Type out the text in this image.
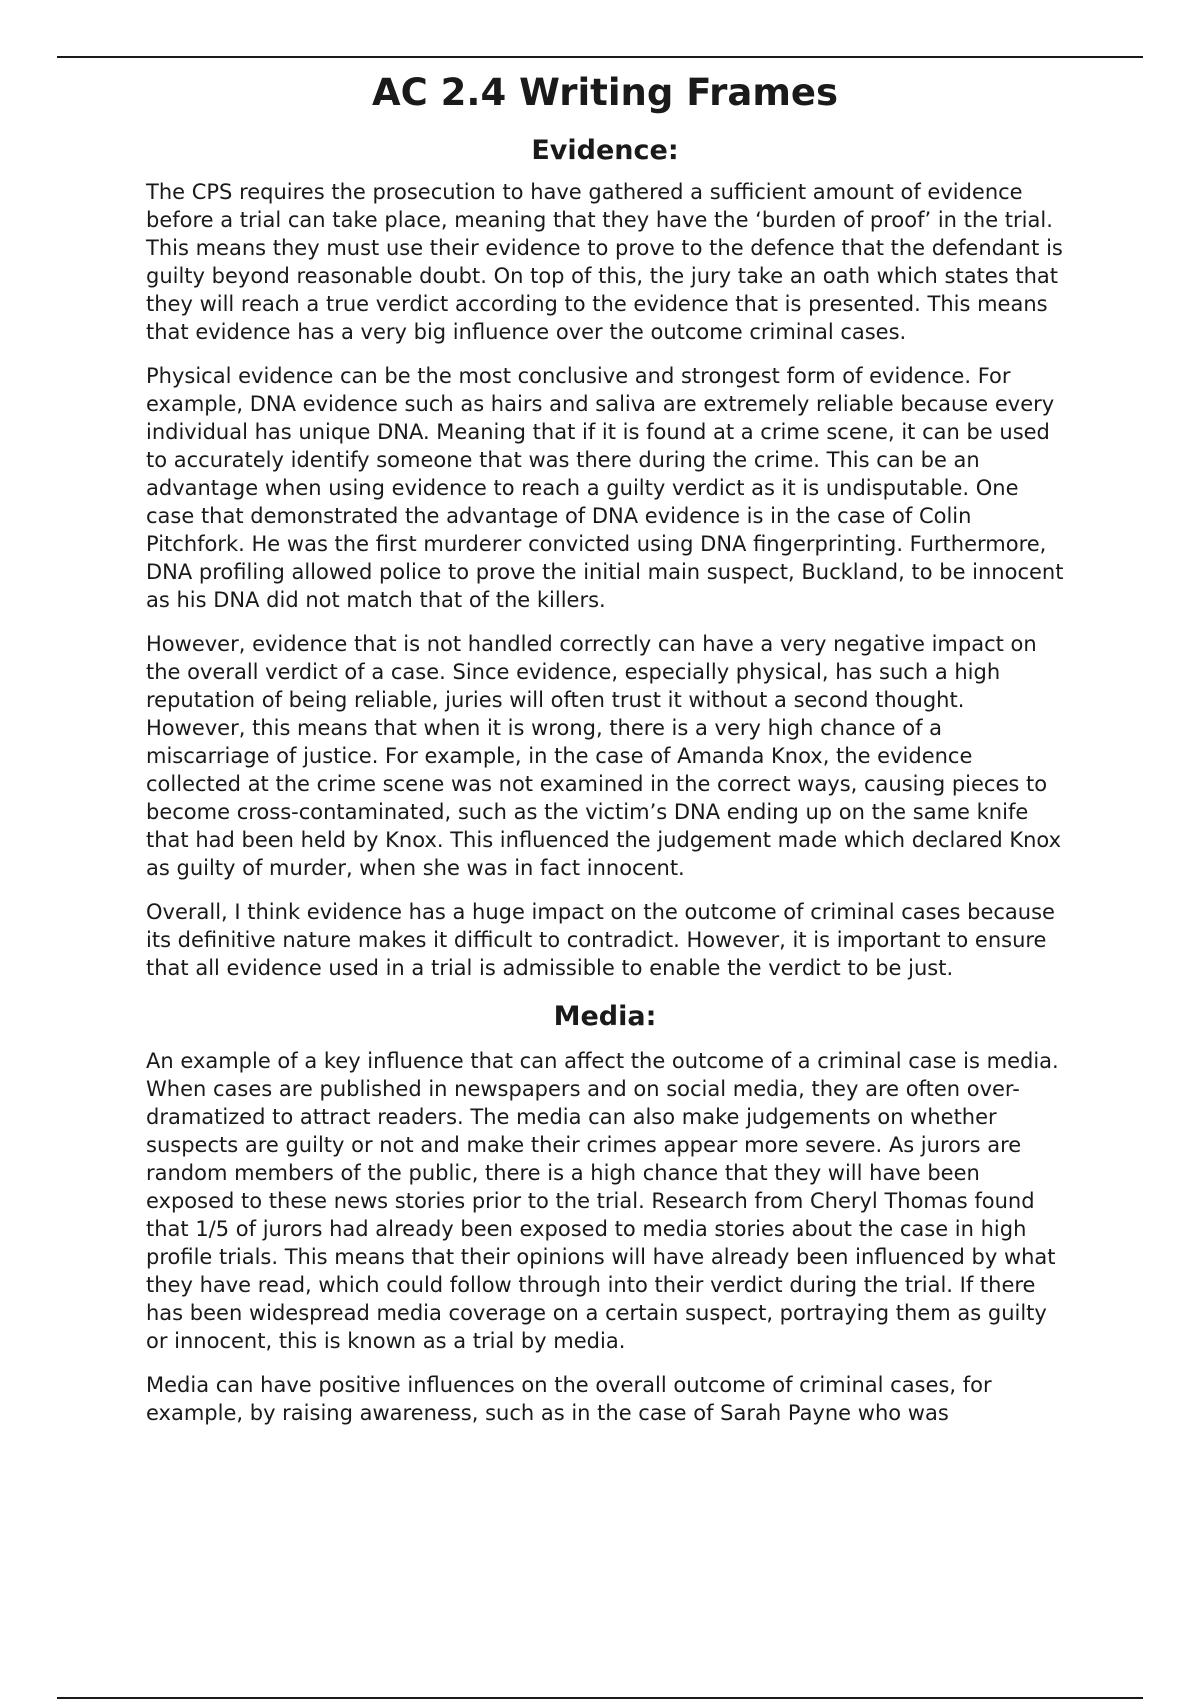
AC 2.4 Writing Frames
Evidence:

The CPS requires the prosecution to have gathered a sufficient amount of evidence before a trial can take place, meaning that they have the ‘burden of proof’ in the trial. This means they must use their evidence to prove to the defence that the defendant is guilty beyond reasonable doubt. On top of this, the jury take an oath which states that they will reach a true verdict according to the evidence that is presented. This means that evidence has a very big influence over the outcome criminal cases.

Physical evidence can be the most conclusive and strongest form of evidence. For example, DNA evidence such as hairs and saliva are extremely reliable because every individual has unique DNA. Meaning that if it is found at a crime scene, it can be used to accurately identify someone that was there during the crime. This can be an advantage when using evidence to reach a guilty verdict as it is undisputable. One case that demonstrated the advantage of DNA evidence is in the case of Colin Pitchfork. He was the first murderer convicted using DNA fingerprinting. Furthermore, DNA profiling allowed police to prove the initial main suspect, Buckland, to be innocent as his DNA did not match that of the killers.

However, evidence that is not handled correctly can have a very negative impact on the overall verdict of a case. Since evidence, especially physical, has such a high reputation of being reliable, juries will often trust it without a second thought. However, this means that when it is wrong, there is a very high chance of a miscarriage of justice. For example, in the case of Amanda Knox, the evidence collected at the crime scene was not examined in the correct ways, causing pieces to become cross-contaminated, such as the victim’s DNA ending up on the same knife that had been held by Knox. This influenced the judgement made which declared Knox as guilty of murder, when she was in fact innocent.

Overall, I think evidence has a huge impact on the outcome of criminal cases because its definitive nature makes it difficult to contradict. However, it is important to ensure that all evidence used in a trial is admissible to enable the verdict to be just.

Media:

An example of a key influence that can affect the outcome of a criminal case is media. When cases are published in newspapers and on social media, they are often over-dramatized to attract readers. The media can also make judgements on whether suspects are guilty or not and make their crimes appear more severe. As jurors are random members of the public, there is a high chance that they will have been exposed to these news stories prior to the trial. Research from Cheryl Thomas found that 1/5 of jurors had already been exposed to media stories about the case in high profile trials. This means that their opinions will have already been influenced by what they have read, which could follow through into their verdict during the trial. If there has been widespread media coverage on a certain suspect, portraying them as guilty or innocent, this is known as a trial by media.

Media can have positive influences on the overall outcome of criminal cases, for example, by raising awareness, such as in the case of Sarah Payne who was
